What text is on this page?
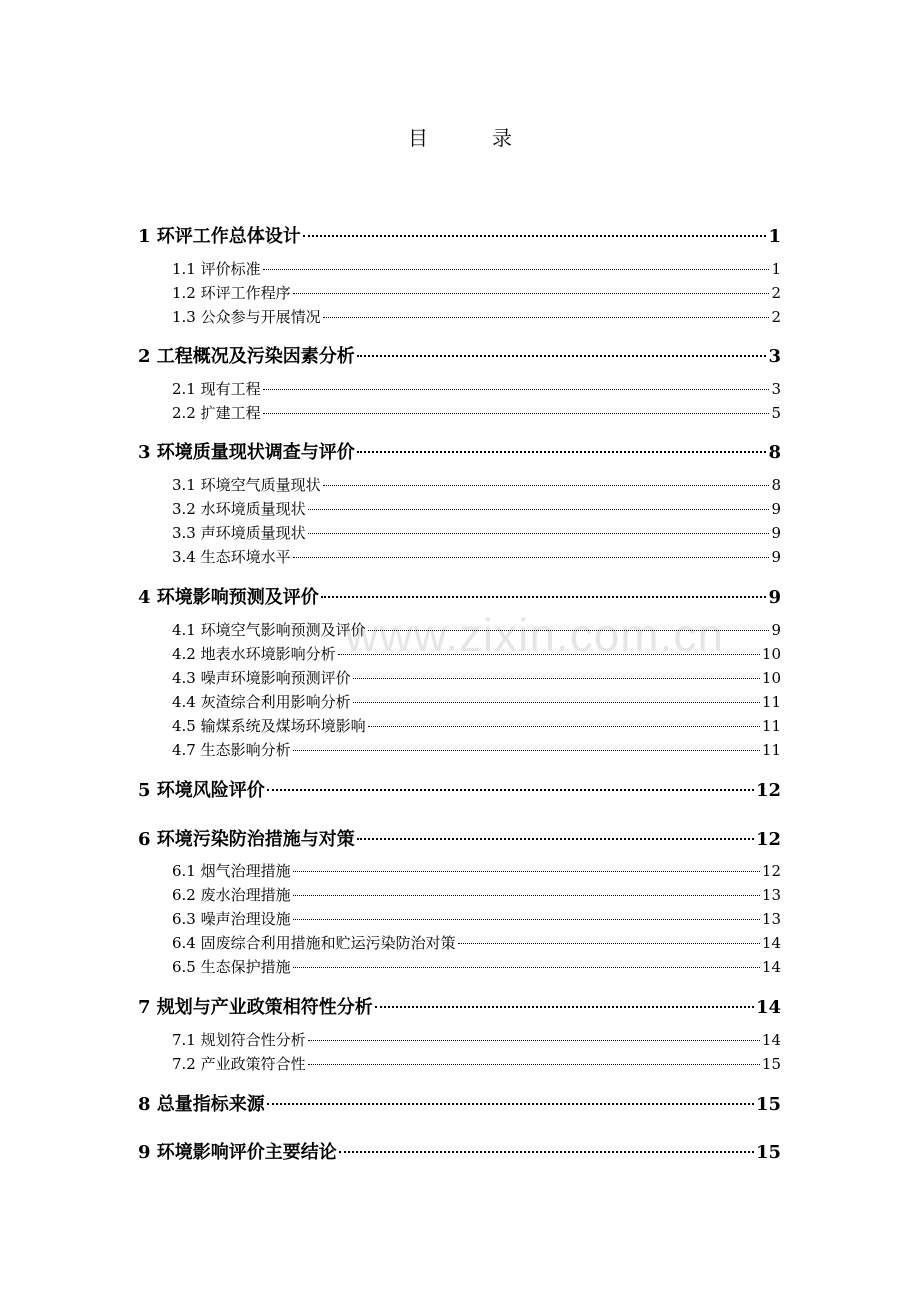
www.zixin.com.cn
目　录
1 环评工作总体设计	1
1.1 评价标准	1
1.2 环评工作程序	2
1.3 公众参与开展情况	2
2 工程概况及污染因素分析	3
2.1 现有工程	3
2.2 扩建工程	5
3 环境质量现状调查与评价	8
3.1 环境空气质量现状	8
3.2 水环境质量现状	9
3.3 声环境质量现状	9
3.4 生态环境水平	9
4 环境影响预测及评价	9
4.1 环境空气影响预测及评价	9
4.2 地表水环境影响分析	10
4.3 噪声环境影响预测评价	10
4.4 灰渣综合利用影响分析	11
4.5 输煤系统及煤场环境影响	11
4.7 生态影响分析	11
5 环境风险评价	12
6 环境污染防治措施与对策	12
6.1 烟气治理措施	12
6.2 废水治理措施	13
6.3 噪声治理设施	13
6.4 固废综合利用措施和贮运污染防治对策	14
6.5 生态保护措施	14
7 规划与产业政策相符性分析	14
7.1 规划符合性分析	14
7.2 产业政策符合性	15
8 总量指标来源	15
9 环境影响评价主要结论	15
